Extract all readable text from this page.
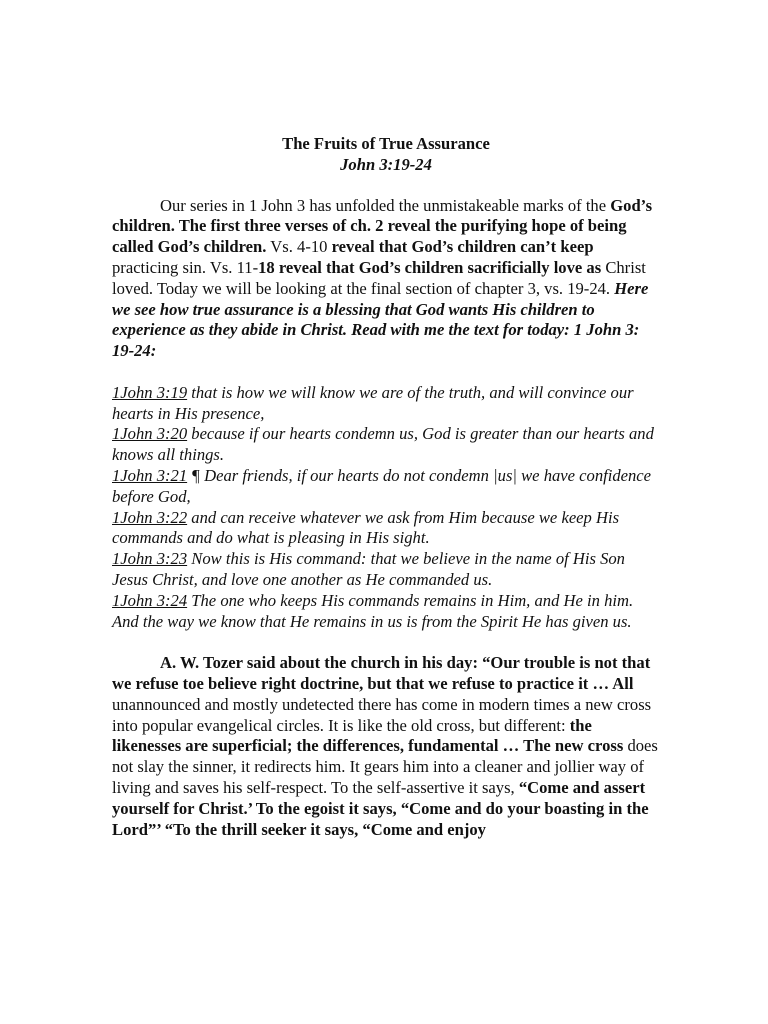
The Fruits of True Assurance

John 3:19-24

Our series in 1 John 3 has unfolded the unmistakeable marks of the God’s children. The first three verses of ch. 2 reveal the purifying hope of being called God’s children. Vs. 4-10 reveal that God’s children can’t keep practicing sin. Vs. 11-18 reveal that God’s children sacrificially love as Christ loved. Today we will be looking at the final section of chapter 3, vs. 19-24. Here we see how true assurance is a blessing that God wants His children to experience as they abide in Christ. Read with me the text for today: 1 John 3: 19-24:

1John 3:19 that is how we will know we are of the truth, and will convince our hearts in His presence,

1John 3:20 because if our hearts condemn us, God is greater than our hearts and knows all things.

1John 3:21 ¶ Dear friends, if our hearts do not condemn |us| we have confidence before God,

1John 3:22 and can receive whatever we ask from Him because we keep His commands and do what is pleasing in His sight.

1John 3:23 Now this is His command: that we believe in the name of His Son Jesus Christ, and love one another as He commanded us.

1John 3:24 The one who keeps His commands remains in Him, and He in him. And the way we know that He remains in us is from the Spirit He has given us.

A. W. Tozer said about the church in his day: “Our trouble is not that we refuse toe believe right doctrine, but that we refuse to practice it … All unannounced and mostly undetected there has come in modern times a new cross into popular evangelical circles. It is like the old cross, but different: the likenesses are superficial; the differences, fundamental … The new cross does not slay the sinner, it redirects him. It gears him into a cleaner and jollier way of living and saves his self-respect. To the self-assertive it says, “Come and assert yourself for Christ.’ To the egoist it says, “Come and do your boasting in the Lord”’ “To the thrill seeker it says, “Come and enjoy
